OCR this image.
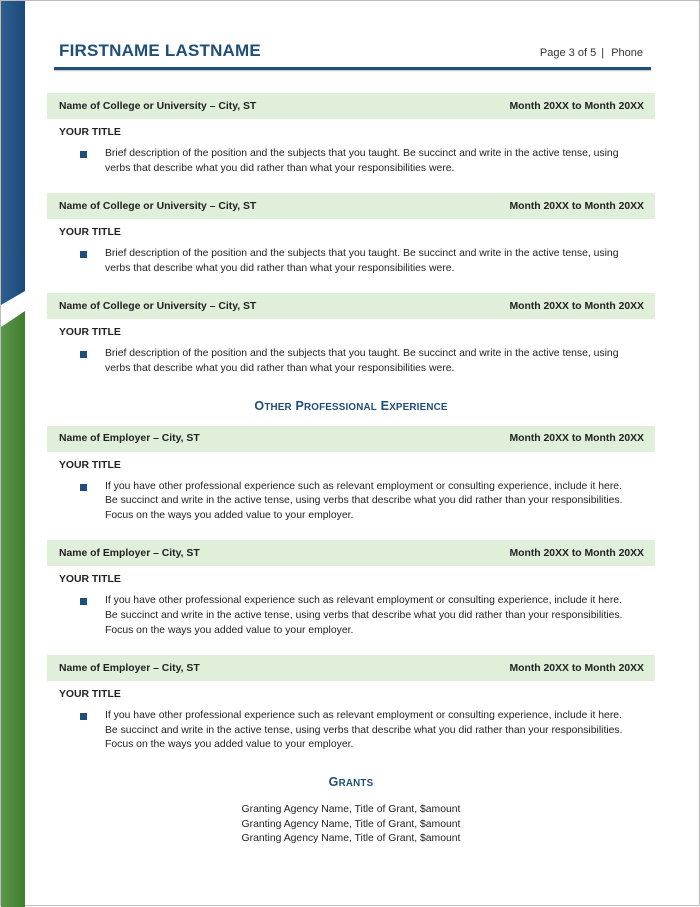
FIRSTNAME LASTNAME	Page 3 of 5 | Phone
Name of College or University – City, ST	Month 20XX to Month 20XX
YOUR TITLE
Brief description of the position and the subjects that you taught. Be succinct and write in the active tense, using verbs that describe what you did rather than what your responsibilities were.
Name of College or University – City, ST	Month 20XX to Month 20XX
YOUR TITLE
Brief description of the position and the subjects that you taught. Be succinct and write in the active tense, using verbs that describe what you did rather than what your responsibilities were.
Name of College or University – City, ST	Month 20XX to Month 20XX
YOUR TITLE
Brief description of the position and the subjects that you taught. Be succinct and write in the active tense, using verbs that describe what you did rather than what your responsibilities were.
OTHER PROFESSIONAL EXPERIENCE
Name of Employer – City, ST	Month 20XX to Month 20XX
YOUR TITLE
If you have other professional experience such as relevant employment or consulting experience, include it here. Be succinct and write in the active tense, using verbs that describe what you did rather than your responsibilities. Focus on the ways you added value to your employer.
Name of Employer – City, ST	Month 20XX to Month 20XX
YOUR TITLE
If you have other professional experience such as relevant employment or consulting experience, include it here. Be succinct and write in the active tense, using verbs that describe what you did rather than your responsibilities. Focus on the ways you added value to your employer.
Name of Employer – City, ST	Month 20XX to Month 20XX
YOUR TITLE
If you have other professional experience such as relevant employment or consulting experience, include it here. Be succinct and write in the active tense, using verbs that describe what you did rather than your responsibilities. Focus on the ways you added value to your employer.
GRANTS
Granting Agency Name, Title of Grant, $amount
Granting Agency Name, Title of Grant, $amount
Granting Agency Name, Title of Grant, $amount
